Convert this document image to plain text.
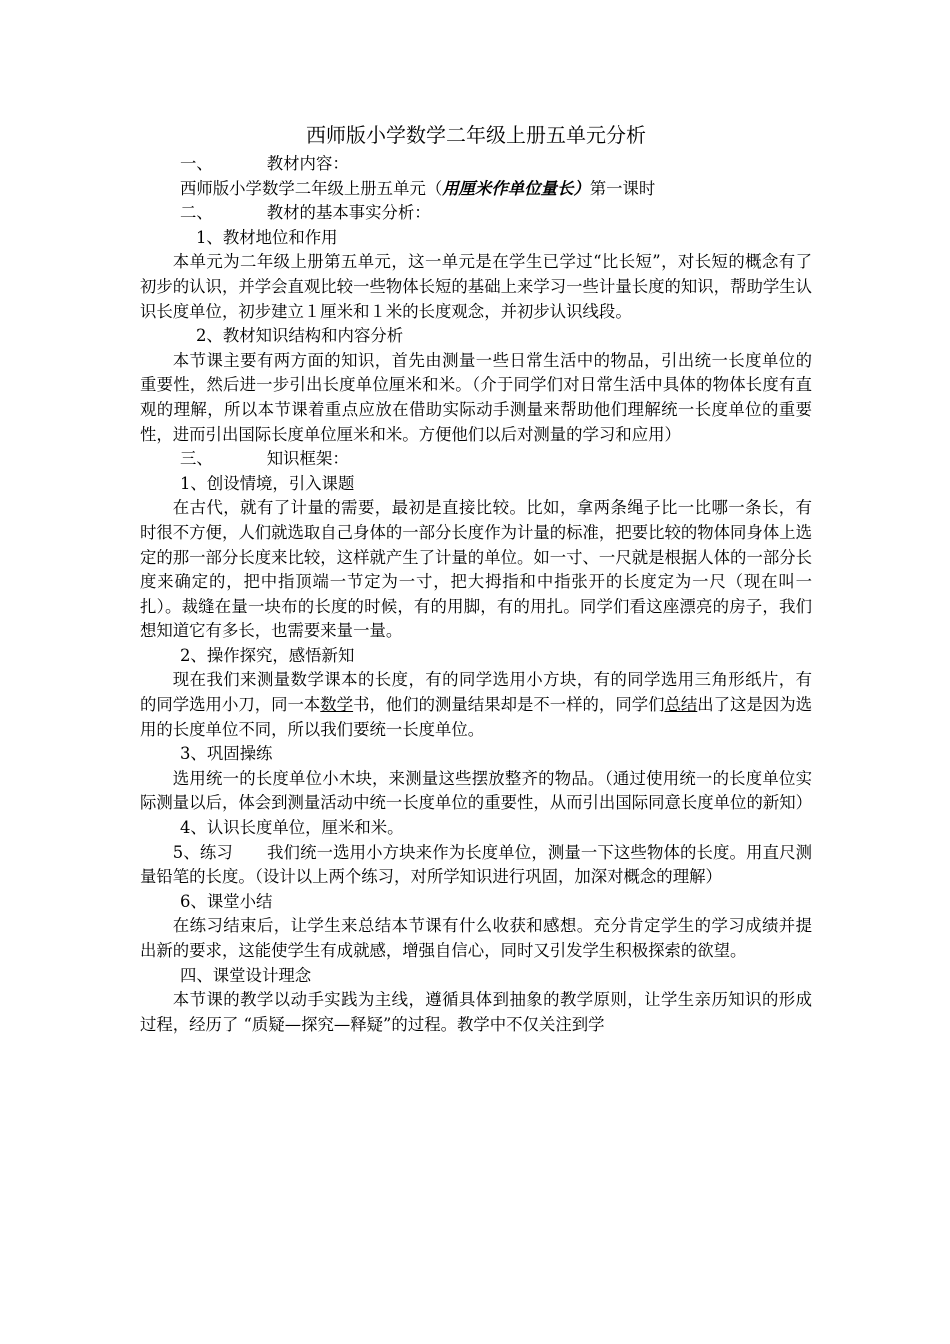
西师版小学数学二年级上册五单元分析
一、	教材内容：
西师版小学数学二年级上册五单元（用厘米作单位量长）第一课时
二、	教材的基本事实分析：
1、教材地位和作用

本单元为二年级上册第五单元，这一单元是在学生已学过“比长短”，对长短的概念有了初步的认识，并学会直观比较一些物体长短的基础上来学习一些计量长度的知识，帮助学生认识长度单位，初步建立１厘米和１米的长度观念，并初步认识线段。

2、教材知识结构和内容分析

本节课主要有两方面的知识，首先由测量一些日常生活中的物品，引出统一长度单位的重要性，然后进一步引出长度单位厘米和米。（介于同学们对日常生活中具体的物体长度有直观的理解，所以本节课着重点应放在借助实际动手测量来帮助他们理解统一长度单位的重要性，进而引出国际长度单位厘米和米。方便他们以后对测量的学习和应用）

三、	知识框架：
1、创设情境，引入课题

在古代，就有了计量的需要，最初是直接比较。比如，拿两条绳子比一比哪一条长，有时很不方便，人们就选取自己身体的一部分长度作为计量的标准，把要比较的物体同身体上选定的那一部分长度来比较，这样就产生了计量的单位。如一寸、一尺就是根据人体的一部分长度来确定的，把中指顶端一节定为一寸，把大拇指和中指张开的长度定为一尺（现在叫一扎）。裁缝在量一块布的长度的时候，有的用脚，有的用扎。同学们看这座漂亮的房子，我们想知道它有多长，也需要来量一量。

2、操作探究，感悟新知

现在我们来测量数学课本的长度，有的同学选用小方块，有的同学选用三角形纸片，有的同学选用小刀，同一本数学书，他们的测量结果却是不一样的，同学们总结出了这是因为选用的长度单位不同，所以我们要统一长度单位。

3、巩固操练

选用统一的长度单位小木块，来测量这些摆放整齐的物品。（通过使用统一的长度单位实际测量以后，体会到测量活动中统一长度单位的重要性，从而引出国际同意长度单位的新知）

4、认识长度单位，厘米和米。

5、练习 我们统一选用小方块来作为长度单位，测量一下这些物体的长度。用直尺测量铅笔的长度。（设计以上两个练习，对所学知识进行巩固，加深对概念的理解）

6、课堂小结

在练习结束后，让学生来总结本节课有什么收获和感想。充分肯定学生的学习成绩并提出新的要求，这能使学生有成就感，增强自信心，同时又引发学生积极探索的欲望。

四、课堂设计理念

本节课的教学以动手实践为主线，遵循具体到抽象的教学原则，让学生亲历知识的形成过程，经历了 “质疑—探究—释疑”的过程。教学中不仅关注到学
